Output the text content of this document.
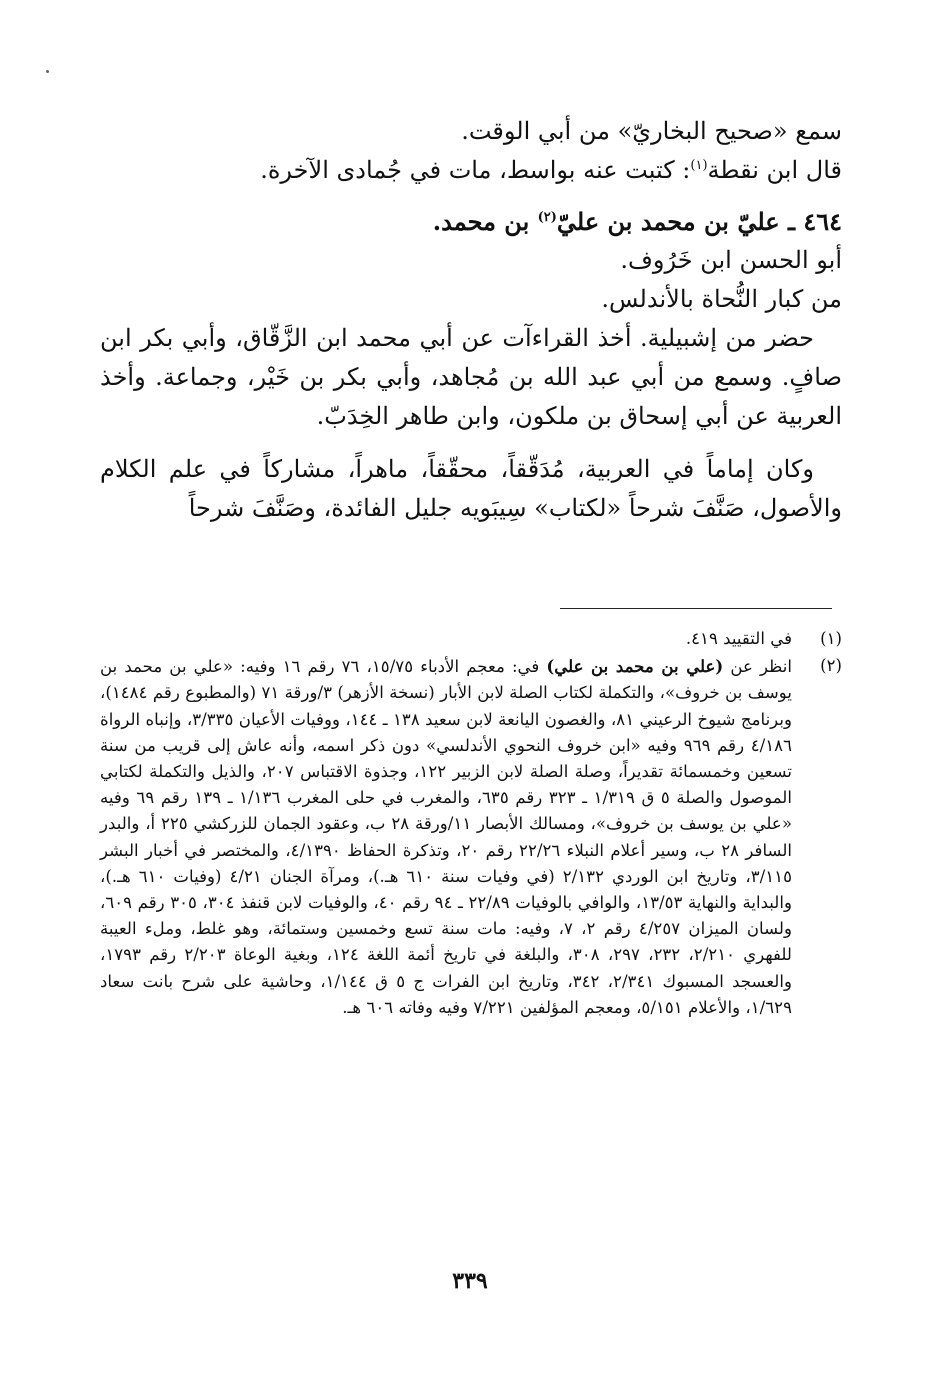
سمع «صحيح البخاريّ» من أبي الوقت.

قال ابن نقطة$^{(١)}$: كتبت عنه بواسط، مات في جُمادى الآخرة.

٤٦٤ ـ عليّ بن محمد بن عليّ$^{(٢)}$ بن محمد.

أبو الحسن ابن خَرُوف.

من كبار النُّحاة بالأندلس.

حضر من إشبيلية. أخذ القراءآت عن أبي محمد ابن الزَّقّاق، وأبي بكر ابن صافٍ. وسمع من أبي عبد الله بن مُجاهد، وأبي بكر بن خَيْر، وجماعة. وأخذ العربية عن أبي إسحاق بن ملكون، وابن طاهر الخِدَبّ.

وكان إماماً في العربية، مُدَقّقاً، محقّقاً، ماهراً، مشاركاً في علم الكلام والأصول، صَنَّفَ شرحاً «لكتاب» سِيبَويه جليل الفائدة، وصَنَّفَ شرحاً

(١)
في التقييد ٤١٩.
(٢)
انظر عن (علي بن محمد بن علي) في: معجم الأدباء ١٥/٧٥، ٧٦ رقم ١٦ وفيه: «علي بن محمد بن يوسف بن خروف»، والتكملة لكتاب الصلة لابن الأبار (نسخة الأزهر) ٣/ورقة ٧١ (والمطبوع رقم ١٤٨٤)، وبرنامج شيوخ الرعيني ٨١، والغصون اليانعة لابن سعيد ١٣٨ ـ ١٤٤، ووفيات الأعيان ٣/٣٣٥، وإنباه الرواة ٤/١٨٦ رقم ٩٦٩ وفيه «ابن خروف النحوي الأندلسي» دون ذكر اسمه، وأنه عاش إلى قريب من سنة تسعين وخمسمائة تقديراً، وصلة الصلة لابن الزبير ١٢٢، وجذوة الاقتباس ٢٠٧، والذيل والتكملة لكتابي الموصول والصلة ٥ ق ١/٣١٩ ـ ٣٢٣ رقم ٦٣٥، والمغرب في حلى المغرب ١/١٣٦ ـ ١٣٩ رقم ٦٩ وفيه «علي بن يوسف بن خروف»، ومسالك الأبصار ١١/ورقة ٢٨ ب، وعقود الجمان للزركشي ٢٢٥ أ، والبدر السافر ٢٨ ب، وسير أعلام النبلاء ٢٢/٢٦ رقم ٢٠، وتذكرة الحفاظ ٤/١٣٩٠، والمختصر في أخبار البشر ٣/١١٥، وتاريخ ابن الوردي ٢/١٣٢ (في وفيات سنة ٦١٠ هـ.)، ومرآة الجنان ٤/٢١ (وفيات ٦١٠ هـ.)، والبداية والنهاية ١٣/٥٣، والوافي بالوفيات ٢٢/٨٩ ـ ٩٤ رقم ٤٠، والوفيات لابن قنفذ ٣٠٤، ٣٠٥ رقم ٦٠٩، ولسان الميزان ٤/٢٥٧ رقم ٢، ٧، وفيه: مات سنة تسع وخمسين وستمائة، وهو غلط، وملء العيبة للفهري ٢/٢١٠، ٢٣٢، ٢٩٧، ٣٠٨، والبلغة في تاريخ أئمة اللغة ١٢٤، وبغية الوعاة ٢/٢٠٣ رقم ١٧٩٣، والعسجد المسبوك ٢/٣٤١، ٣٤٢، وتاريخ ابن الفرات ج ٥ ق ١/١٤٤، وحاشية على شرح بانت سعاد ١/٦٢٩، والأعلام ٥/١٥١، ومعجم المؤلفين ٧/٢٢١ وفيه وفاته ٦٠٦ هـ.
٣٣٩
